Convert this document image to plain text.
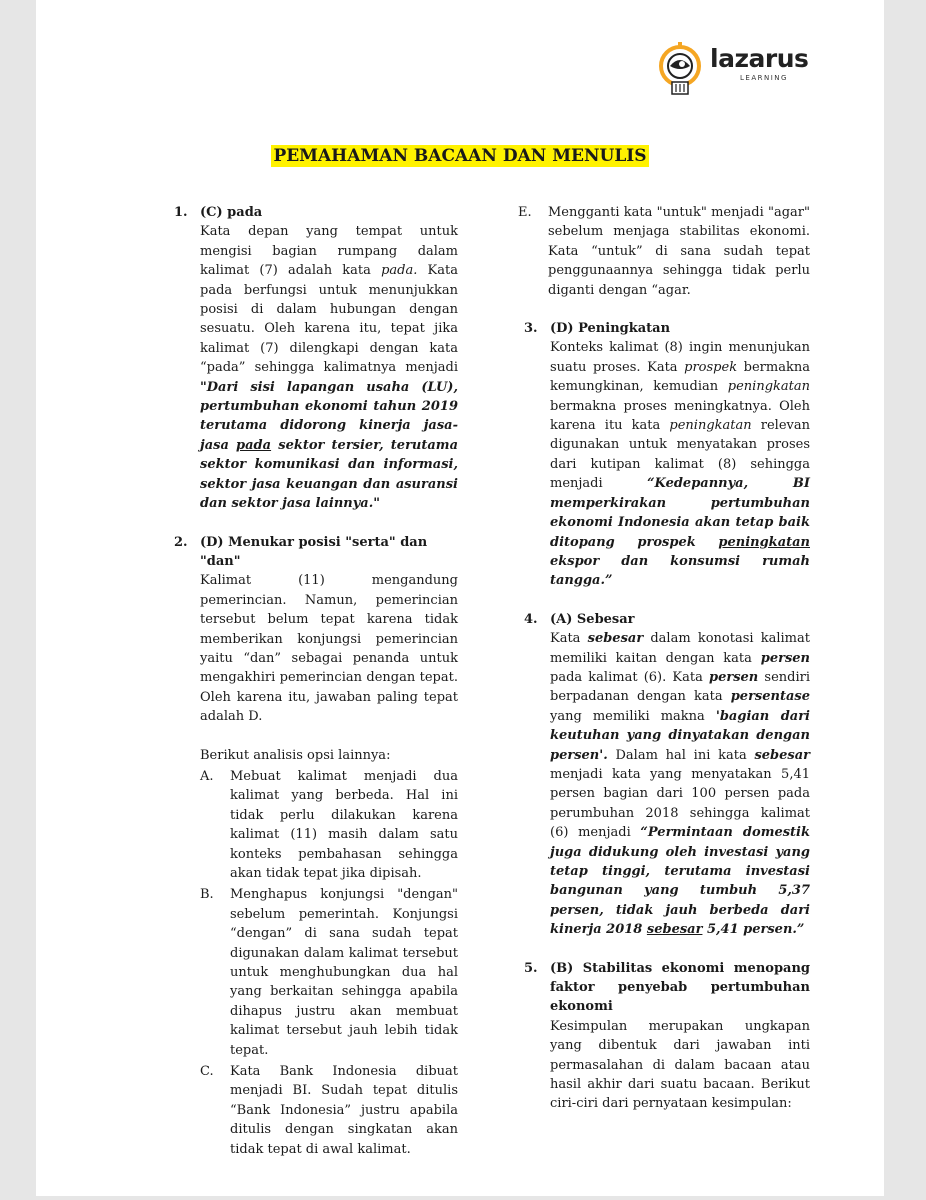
lazarus
LEARNING
PEMAHAMAN BACAAN DAN MENULIS
1. (C) pada
Kata depan yang tempat untuk mengisi bagian rumpang dalam kalimat (7) adalah kata pada. Kata pada berfungsi untuk menunjukkan posisi di dalam hubungan dengan sesuatu. Oleh karena itu, tepat jika kalimat (7) dilengkapi dengan kata “pada” sehingga kalimatnya menjadi "Dari sisi lapangan usaha (LU), pertumbuhan ekonomi tahun 2019 terutama didorong kinerja jasa-jasa pada sektor tersier, terutama sektor komunikasi dan informasi, sektor jasa keuangan dan asuransi dan sektor jasa lainnya."
2. (D) Menukar posisi "serta" dan "dan"
Kalimat (11) mengandung pemerincian. Namun, pemerincian tersebut belum tepat karena tidak memberikan konjungsi pemerincian yaitu “dan” sebagai penanda untuk mengakhiri pemerincian dengan tepat. Oleh karena itu, jawaban paling tepat adalah D.
Berikut analisis opsi lainnya:
A. Mebuat kalimat menjadi dua kalimat yang berbeda. Hal ini tidak perlu dilakukan karena kalimat (11) masih dalam satu konteks pembahasan sehingga akan tidak tepat jika dipisah.
B. Menghapus konjungsi "dengan" sebelum pemerintah. Konjungsi “dengan” di sana sudah tepat digunakan dalam kalimat tersebut untuk menghubungkan dua hal yang berkaitan sehingga apabila dihapus justru akan membuat kalimat tersebut jauh lebih tidak tepat.
C. Kata Bank Indonesia dibuat menjadi BI. Sudah tepat ditulis “Bank Indonesia” justru apabila ditulis dengan singkatan akan tidak tepat di awal kalimat.
E. Mengganti kata "untuk" menjadi "agar" sebelum menjaga stabilitas ekonomi. Kata “untuk” di sana sudah tepat penggunaannya sehingga tidak perlu diganti dengan “agar.
3. (D) Peningkatan
Konteks kalimat (8) ingin menunjukan suatu proses. Kata prospek bermakna kemungkinan, kemudian peningkatan bermakna proses meningkatnya. Oleh karena itu kata peningkatan relevan digunakan untuk menyatakan proses dari kutipan kalimat (8) sehingga menjadi “Kedepannya, BI memperkirakan pertumbuhan ekonomi Indonesia akan tetap baik ditopang prospek peningkatan ekspor dan konsumsi rumah tangga.”
4. (A) Sebesar
Kata sebesar dalam konotasi kalimat memiliki kaitan dengan kata persen pada kalimat (6). Kata persen sendiri berpadanan dengan kata persentase yang memiliki makna 'bagian dari keutuhan yang dinyatakan dengan persen'. Dalam hal ini kata sebesar menjadi kata yang menyatakan 5,41 persen bagian dari 100 persen pada perumbuhan 2018 sehingga kalimat (6) menjadi “Permintaan domestik juga didukung oleh investasi yang tetap tinggi, terutama investasi bangunan yang tumbuh 5,37 persen, tidak jauh berbeda dari kinerja 2018 sebesar 5,41 persen.”
5. (B) Stabilitas ekonomi menopang faktor penyebab pertumbuhan ekonomi
Kesimpulan merupakan ungkapan yang dibentuk dari jawaban inti permasalahan di dalam bacaan atau hasil akhir dari suatu bacaan. Berikut ciri-ciri dari pernyataan kesimpulan:
